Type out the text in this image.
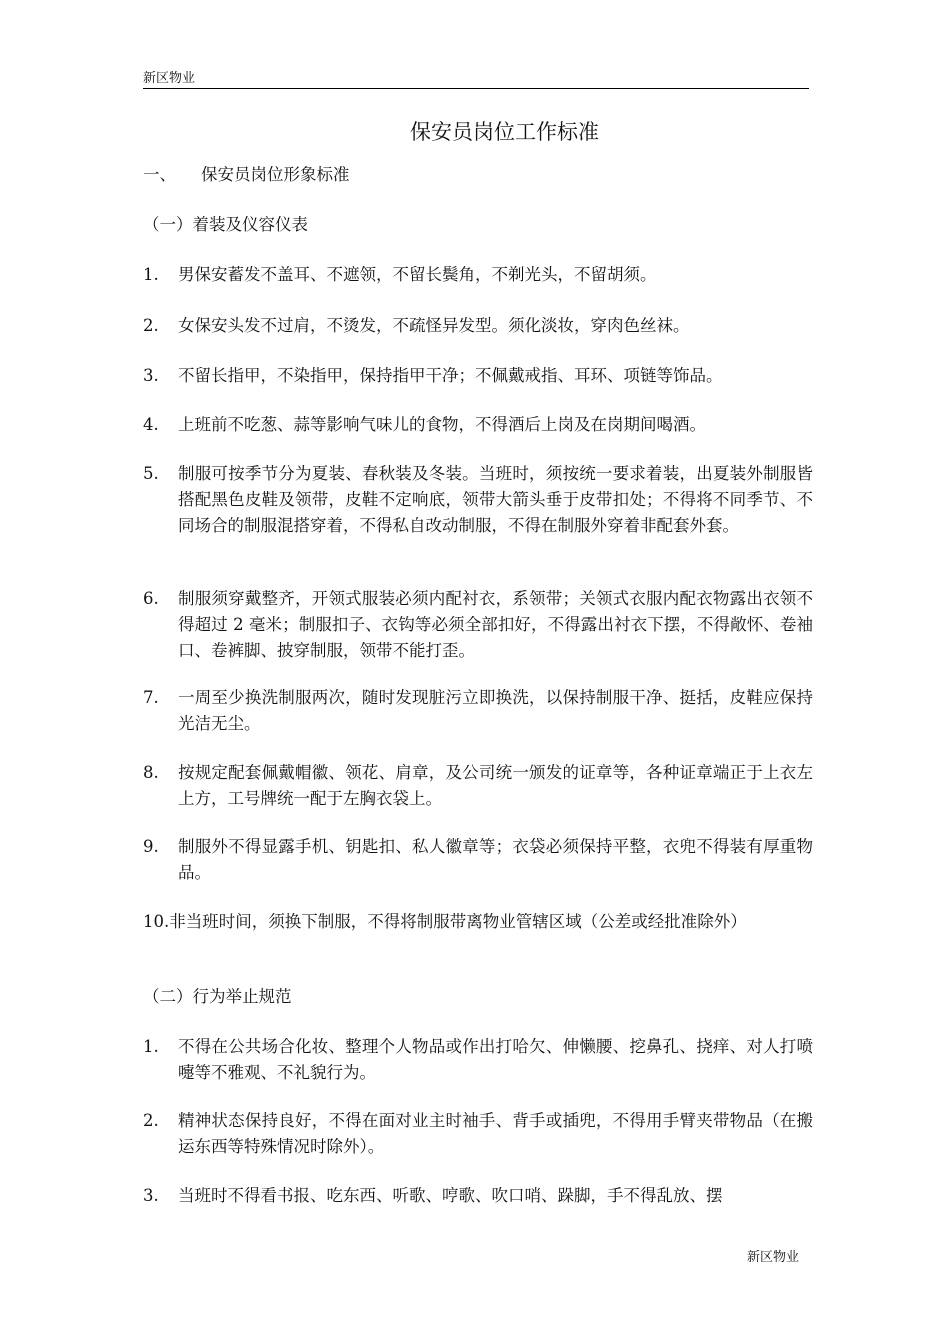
新区物业
保安员岗位工作标准
一、 保安员岗位形象标准
（一）着装及仪容仪表
1.	男保安蓄发不盖耳、不遮领，不留长鬓角，不剃光头，不留胡须。
2.	女保安头发不过肩，不烫发，不疏怪异发型。须化淡妆，穿肉色丝袜。
3.	不留长指甲，不染指甲，保持指甲干净；不佩戴戒指、耳环、项链等饰品。
4.	上班前不吃葱、蒜等影响气味儿的食物，不得酒后上岗及在岗期间喝酒。
5.	制服可按季节分为夏装、春秋装及冬装。当班时，须按统一要求着装，出夏装外制服皆搭配黑色皮鞋及领带，皮鞋不定响底，领带大箭头垂于皮带扣处；不得将不同季节、不同场合的制服混搭穿着，不得私自改动制服，不得在制服外穿着非配套外套。
6.	制服须穿戴整齐，开领式服装必须内配衬衣，系领带；关领式衣服内配衣物露出衣领不得超过 2 毫米；制服扣子、衣钩等必须全部扣好，不得露出衬衣下摆，不得敞怀、卷袖口、卷裤脚、披穿制服，领带不能打歪。
7.	一周至少换洗制服两次，随时发现脏污立即换洗，以保持制服干净、挺括，皮鞋应保持光洁无尘。
8.	按规定配套佩戴帽徽、领花、肩章，及公司统一颁发的证章等，各种证章端正于上衣左上方，工号牌统一配于左胸衣袋上。
9.	制服外不得显露手机、钥匙扣、私人徽章等；衣袋必须保持平整，衣兜不得装有厚重物品。
10.非当班时间，须换下制服，不得将制服带离物业管辖区域（公差或经批准除外）
（二）行为举止规范
1.	不得在公共场合化妆、整理个人物品或作出打哈欠、伸懒腰、挖鼻孔、挠痒、对人打喷嚏等不雅观、不礼貌行为。
2.	精神状态保持良好，不得在面对业主时袖手、背手或插兜，不得用手臂夹带物品（在搬运东西等特殊情况时除外）。
3.	当班时不得看书报、吃东西、听歌、哼歌、吹口哨、跺脚，手不得乱放、摆
新区物业
